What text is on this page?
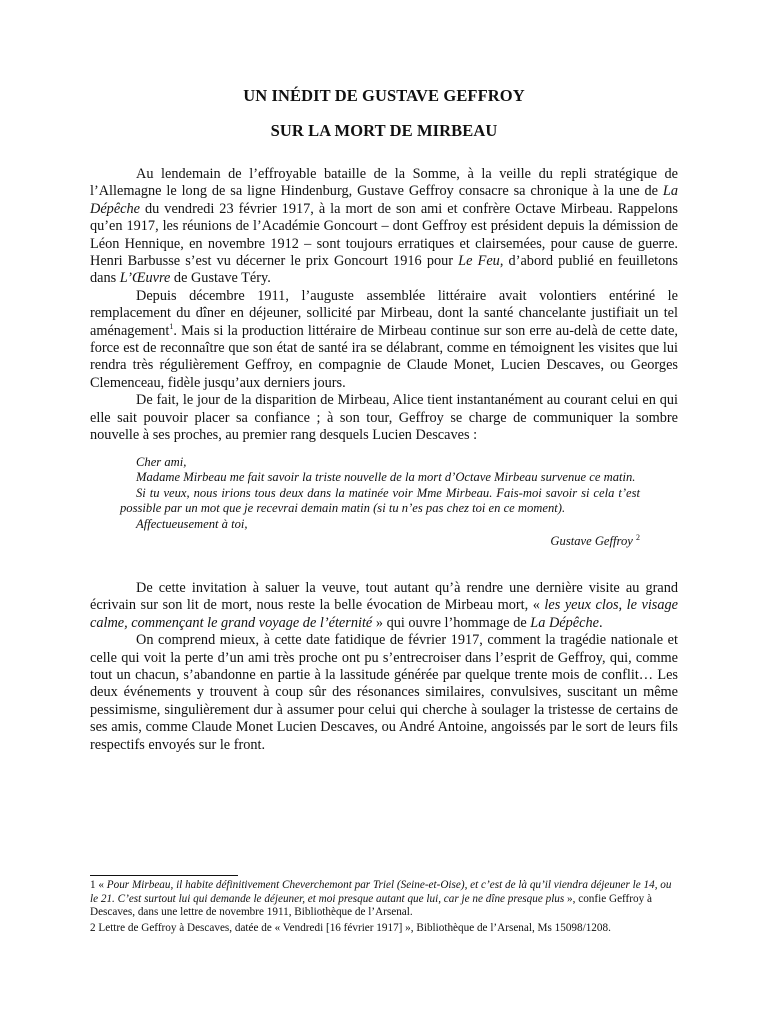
UN INÉDIT DE GUSTAVE GEFFROY
SUR LA MORT DE MIRBEAU

Au lendemain de l’effroyable bataille de la Somme, à la veille du repli stratégique de l’Allemagne le long de sa ligne Hindenburg, Gustave Geffroy consacre sa chronique à la une de La Dépêche du vendredi 23 février 1917, à la mort de son ami et confrère Octave Mirbeau. Rappelons qu’en 1917, les réunions de l’Académie Goncourt – dont Geffroy est président depuis la démission de Léon Hennique, en novembre 1912 – sont toujours erratiques et clairsemées, pour cause de guerre. Henri Barbusse s’est vu décerner le prix Goncourt 1916 pour Le Feu, d’abord publié en feuilletons dans L’Œuvre de Gustave Téry.

Depuis décembre 1911, l’auguste assemblée littéraire avait volontiers entériné le remplacement du dîner en déjeuner, sollicité par Mirbeau, dont la santé chancelante justifiait un tel aménagement$^1$. Mais si la production littéraire de Mirbeau continue sur son erre au-delà de cette date, force est de reconnaître que son état de santé ira se délabrant, comme en témoignent les visites que lui rendra très régulièrement Geffroy, en compagnie de Claude Monet, Lucien Descaves, ou Georges Clemenceau, fidèle jusqu’aux derniers jours.

De fait, le jour de la disparition de Mirbeau, Alice tient instantanément au courant celui en qui elle sait pouvoir placer sa confiance ; à son tour, Geffroy se charge de communiquer la sombre nouvelle à ses proches, au premier rang desquels Lucien Descaves :

Cher ami,

Madame Mirbeau me fait savoir la triste nouvelle de la mort d’Octave Mirbeau survenue ce matin.

Si tu veux, nous irions tous deux dans la matinée voir Mme Mirbeau. Fais-moi savoir si cela t’est possible par un mot que je recevrai demain matin (si tu n’es pas chez toi en ce moment).

Affectueusement à toi,

Gustave Geffroy $^2$

De cette invitation à saluer la veuve, tout autant qu’à rendre une dernière visite au grand écrivain sur son lit de mort, nous reste la belle évocation de Mirbeau mort, « les yeux clos, le visage calme, commençant le grand voyage de l’éternité » qui ouvre l’hommage de La Dépêche.

On comprend mieux, à cette date fatidique de février 1917, comment la tragédie nationale et celle qui voit la perte d’un ami très proche ont pu s’entrecroiser dans l’esprit de Geffroy, qui, comme tout un chacun, s’abandonne en partie à la lassitude générée par quelque trente mois de conflit… Les deux événements y trouvent à coup sûr des résonances similaires, convulsives, suscitant un même pessimisme, singulièrement dur à assumer pour celui qui cherche à soulager la tristesse de certains de ses amis, comme Claude Monet Lucien Descaves, ou André Antoine, angoissés par le sort de leurs fils respectifs envoyés sur le front.

1 « Pour Mirbeau, il habite définitivement Cheverchemont par Triel (Seine-et-Oise), et c’est de là qu’il viendra déjeuner le 14, ou le 21. C’est surtout lui qui demande le déjeuner, et moi presque autant que lui, car je ne dîne presque plus », confie Geffroy à Descaves, dans une lettre de novembre 1911, Bibliothèque de l’Arsenal.

2 Lettre de Geffroy à Descaves, datée de « Vendredi [16 février 1917] », Bibliothèque de l’Arsenal, Ms 15098/1208.
